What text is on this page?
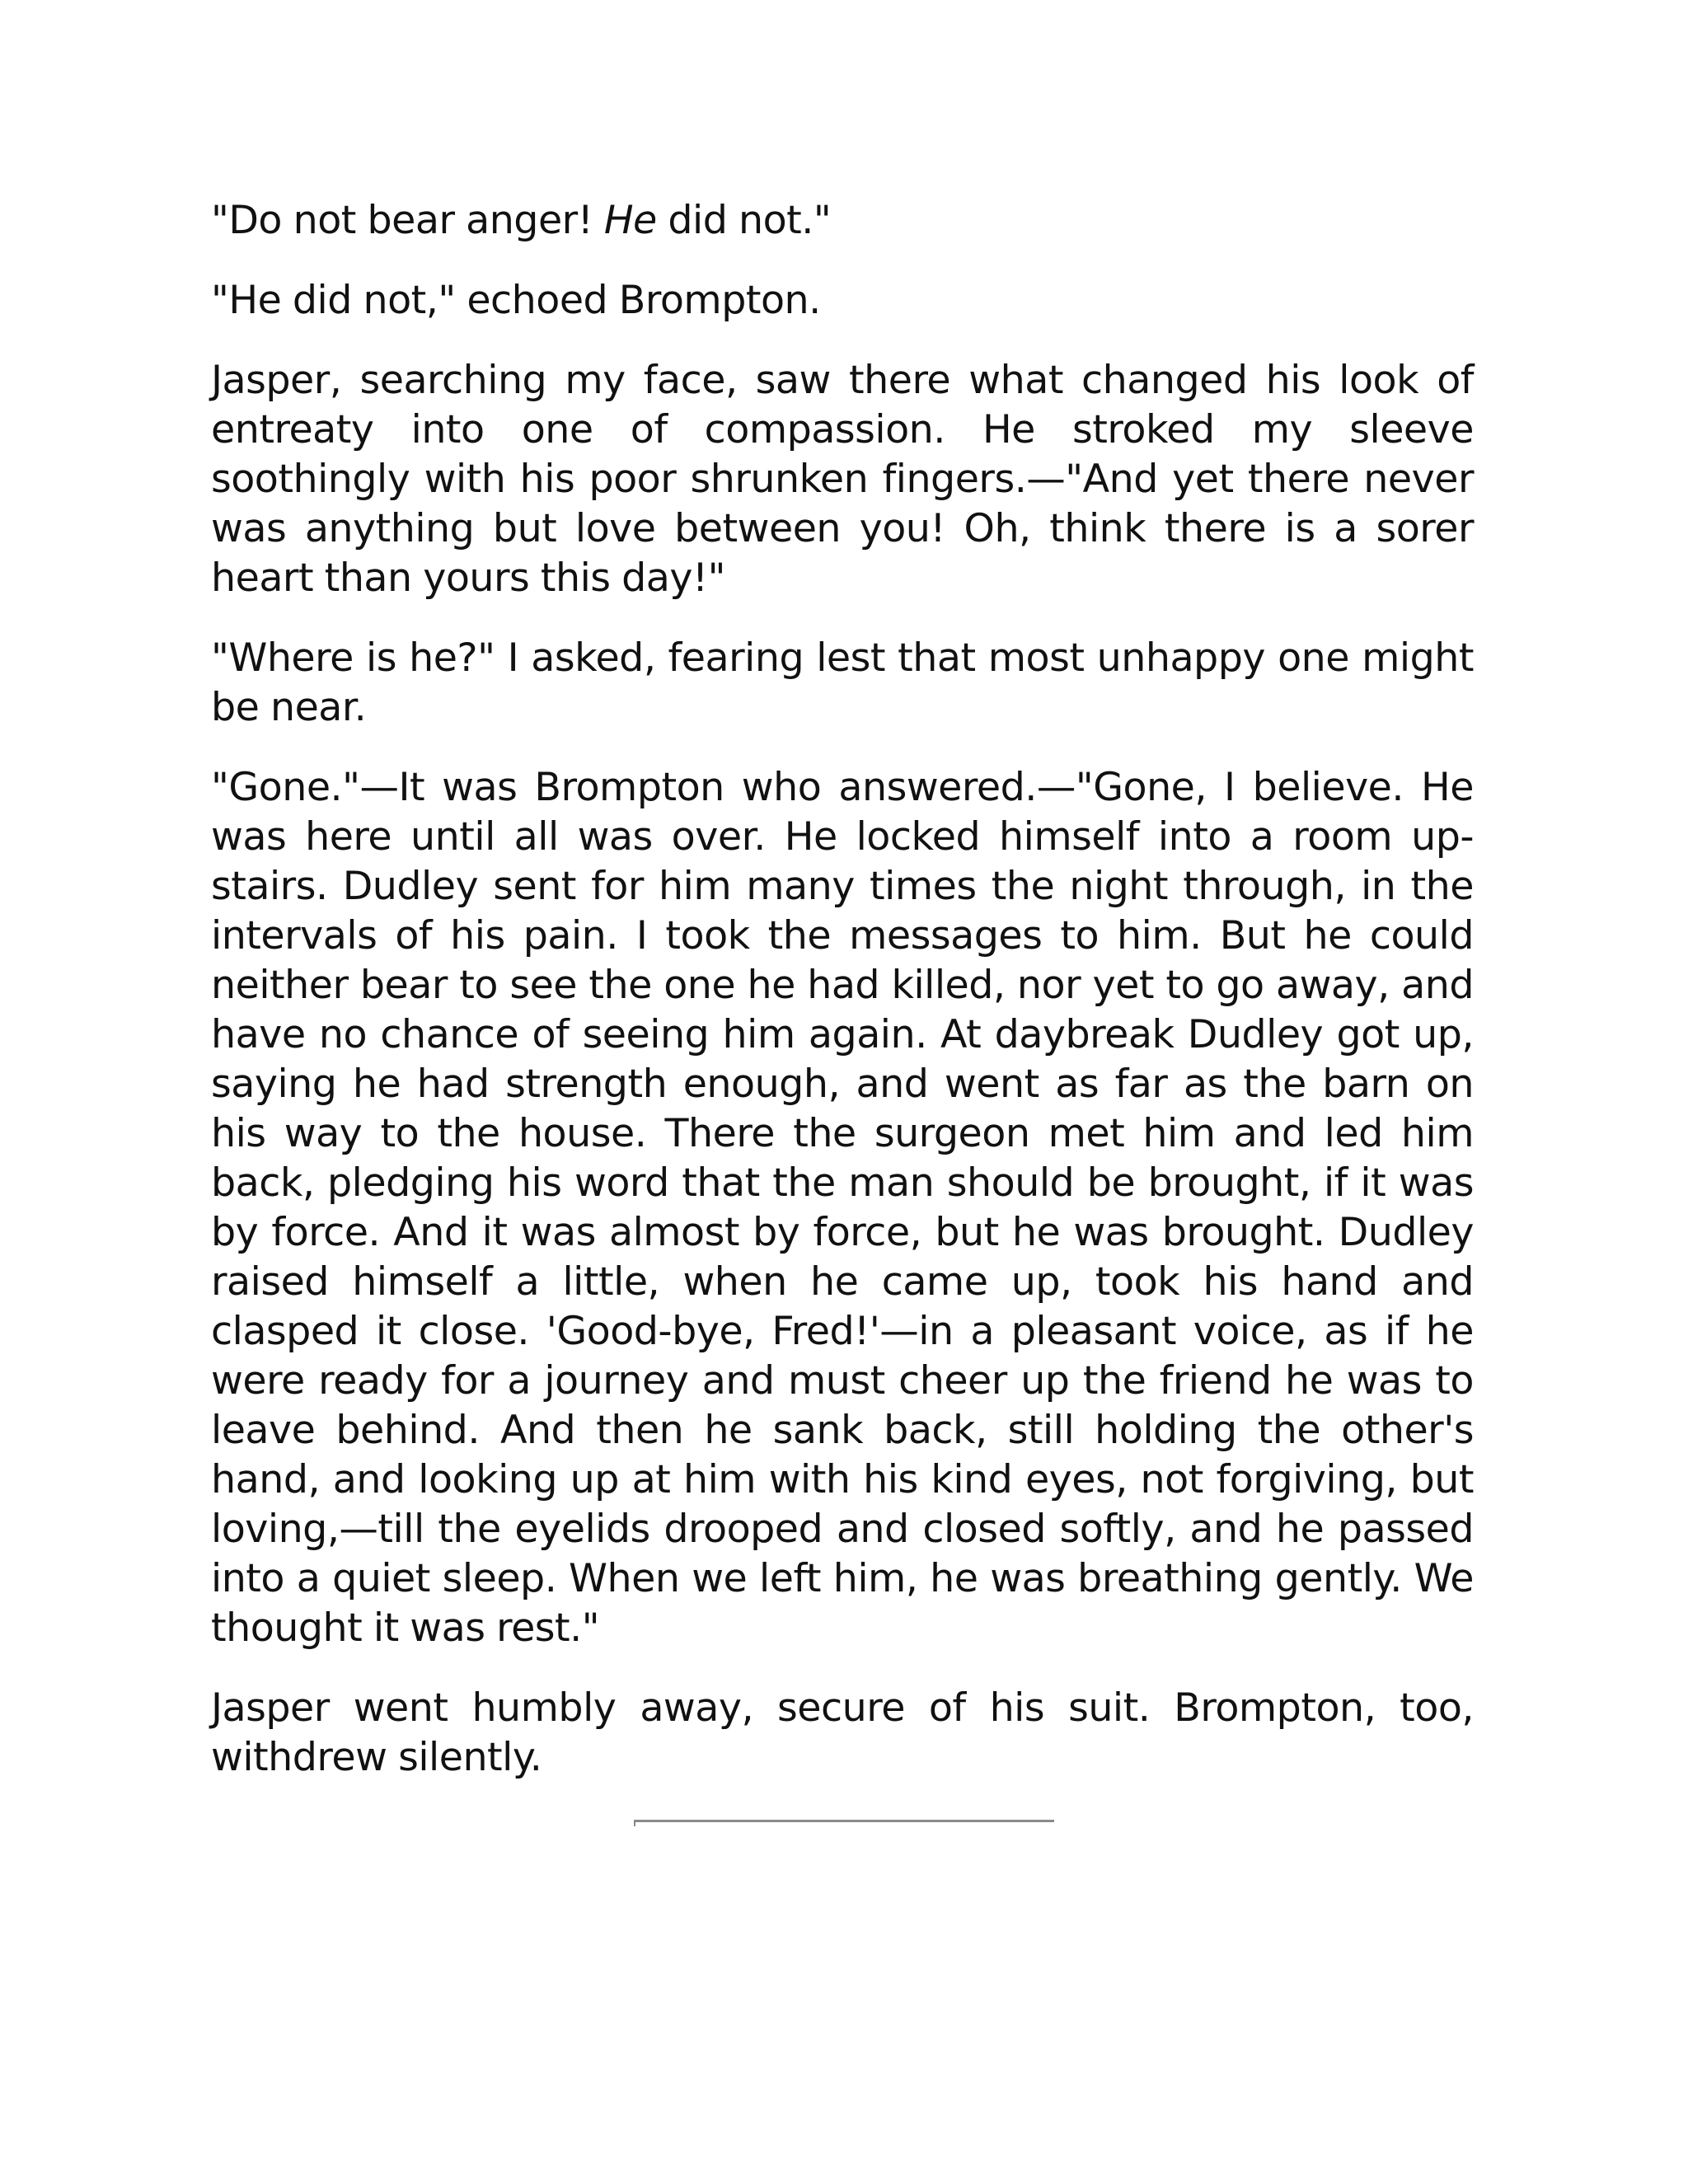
"Do not bear anger! He did not."

"He did not," echoed Brompton.

Jasper, searching my face, saw there what changed his look of entreaty into one of compassion. He stroked my sleeve soothingly with his poor shrunken fingers.—"And yet there never was anything but love between you! Oh, think there is a sorer heart than yours this day!"

"Where is he?" I asked, fearing lest that most unhappy one might be near.

"Gone."—It was Brompton who answered.—"Gone, I believe. He was here until all was over. He locked himself into a room up-stairs. Dudley sent for him many times the night through, in the intervals of his pain. I took the messages to him. But he could neither bear to see the one he had killed, nor yet to go away, and have no chance of seeing him again. At daybreak Dudley got up, saying he had strength enough, and went as far as the barn on his way to the house. There the surgeon met him and led him back, pledging his word that the man should be brought, if it was by force. And it was almost by force, but he was brought. Dudley raised himself a little, when he came up, took his hand and clasped it close. 'Good-bye, Fred!'—in a pleasant voice, as if he were ready for a journey and must cheer up the friend he was to leave behind. And then he sank back, still holding the other's hand, and looking up at him with his kind eyes, not forgiving, but loving,—till the eyelids drooped and closed softly, and he passed into a quiet sleep. When we left him, he was breathing gently. We thought it was rest."

Jasper went humbly away, secure of his suit. Brompton, too, withdrew silently.
